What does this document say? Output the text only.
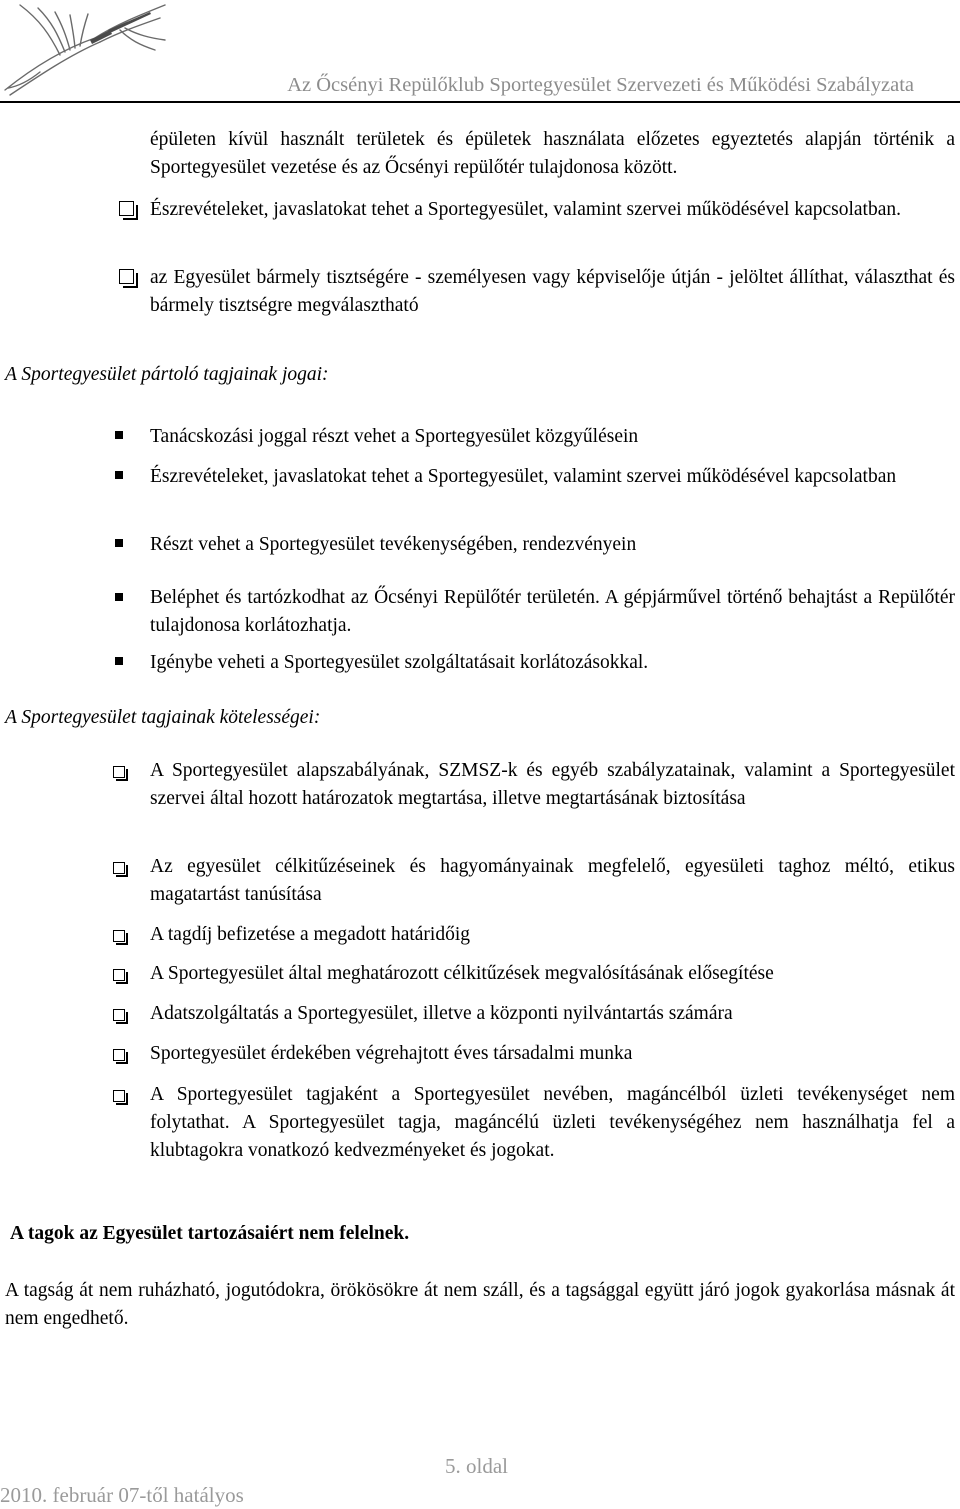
Az Őcsényi Repülőklub Sportegyesület Szervezeti és Működési Szabályzata
épületen kívül használt területek és épületek használata előzetes egyeztetés alapján történik a Sportegyesület vezetése és az Őcsényi repülőtér tulajdonosa között.
Észrevételeket, javaslatokat tehet a Sportegyesület, valamint szervei működésével kapcsolatban.
az Egyesület bármely tisztségére - személyesen vagy képviselője útján - jelöltet állíthat, választhat és bármely tisztségre megválasztható
A Sportegyesület pártoló tagjainak jogai:
Tanácskozási joggal részt vehet a Sportegyesület közgyűlésein
Észrevételeket, javaslatokat tehet a Sportegyesület, valamint szervei működésével kapcsolatban
Részt vehet a Sportegyesület tevékenységében, rendezvényein
Beléphet és tartózkodhat az Őcsényi Repülőtér területén. A gépjárművel történő behajtást a Repülőtér tulajdonosa korlátozhatja.
Igénybe veheti a Sportegyesület szolgáltatásait korlátozásokkal.
A Sportegyesület tagjainak kötelességei:
A Sportegyesület alapszabályának, SZMSZ-k és egyéb szabályzatainak, valamint a Sportegyesület szervei által hozott határozatok megtartása, illetve megtartásának biztosítása
Az egyesület célkitűzéseinek és hagyományainak megfelelő, egyesületi taghoz méltó, etikus magatartást tanúsítása
A tagdíj befizetése a megadott határidőig
A Sportegyesület által meghatározott célkitűzések megvalósításának elősegítése
Adatszolgáltatás a Sportegyesület, illetve a központi nyilvántartás számára
Sportegyesület érdekében végrehajtott éves társadalmi munka
A Sportegyesület tagjaként a Sportegyesület nevében, magáncélból üzleti tevékenységet nem folytathat. A Sportegyesület tagja, magáncélú üzleti tevékenységéhez nem használhatja fel a klubtagokra vonatkozó kedvezményeket és jogokat.
A tagok az Egyesület tartozásaiért nem felelnek.
A tagság át nem ruházható, jogutódokra, örökösökre át nem száll, és a tagsággal együtt járó jogok gyakorlása másnak át nem engedhető.
5. oldal
2010. február 07-től hatályos
